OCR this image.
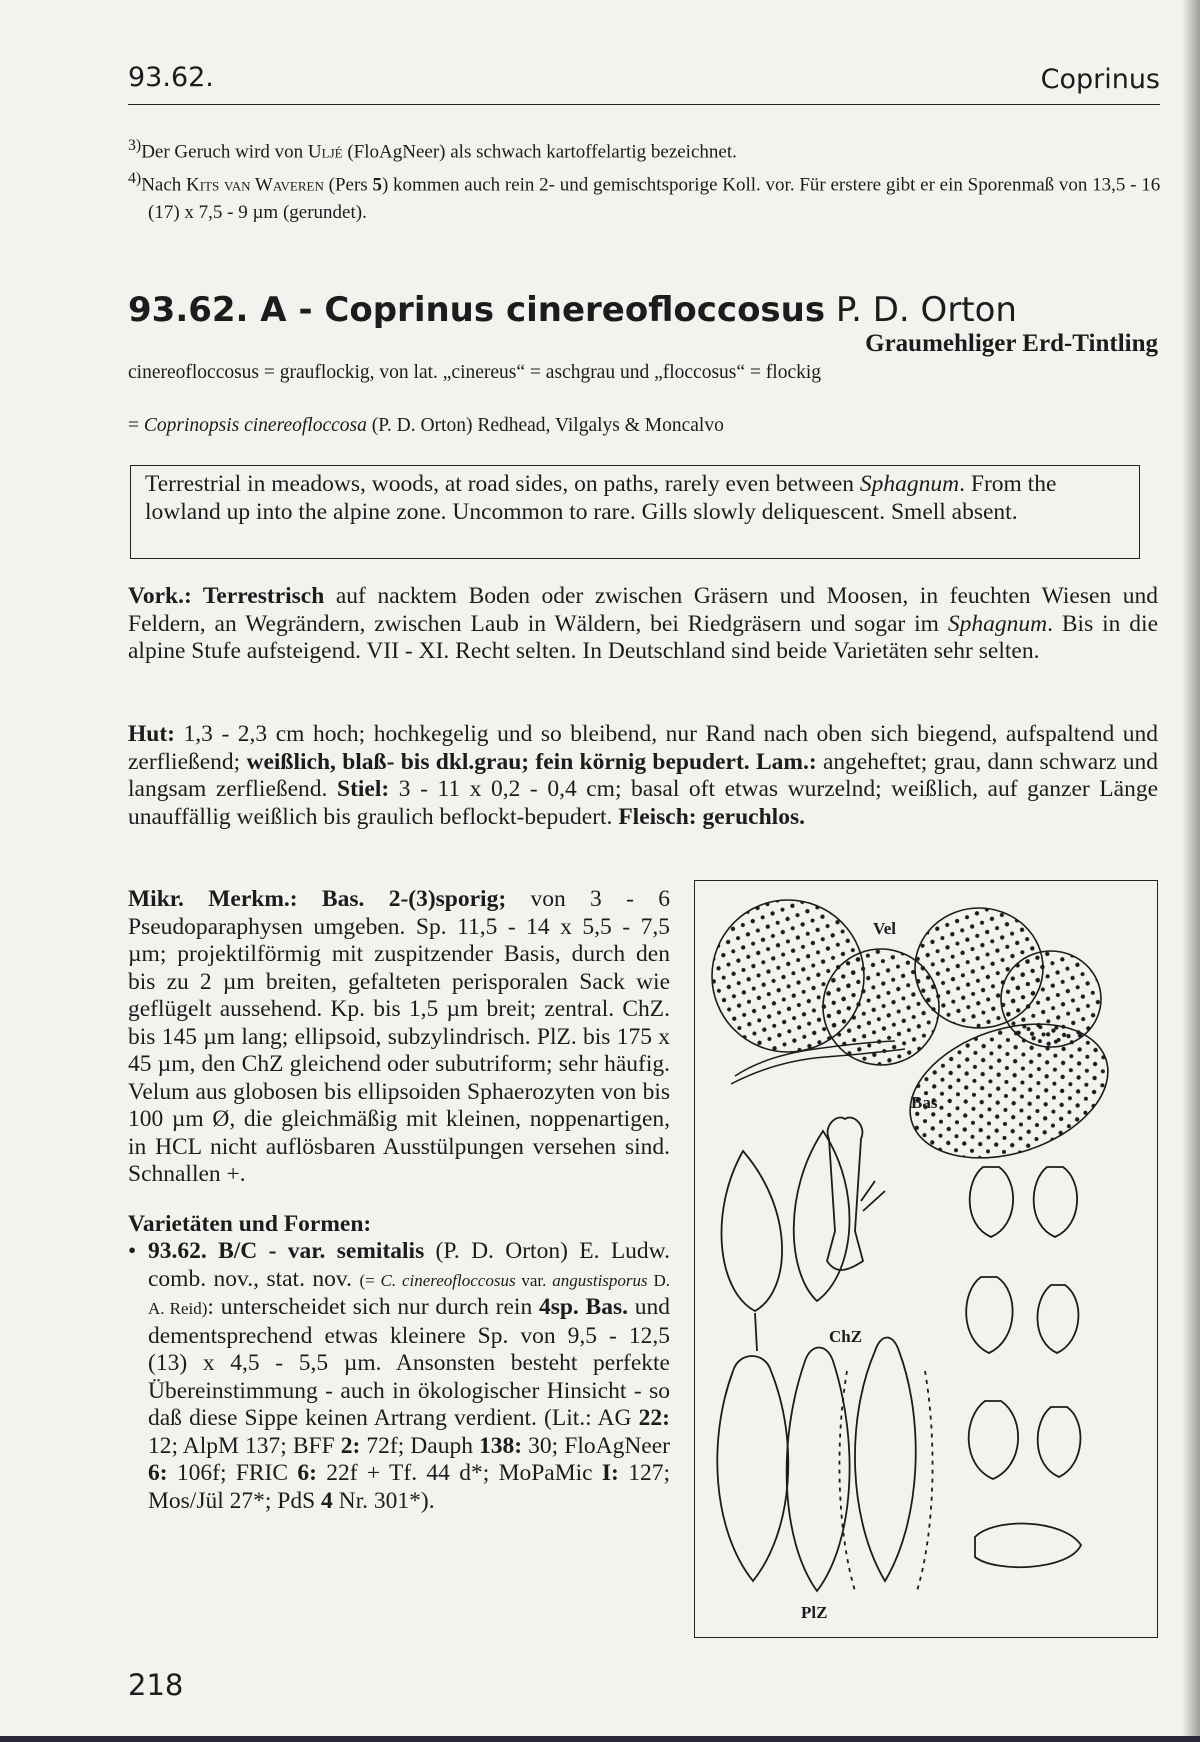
93.62.	Coprinus

$^{3)}$Der Geruch wird von Uljé (FloAgNeer) als schwach kartoffelartig bezeichnet.

$^{4)}$Nach Kits van Waveren (Pers 5) kommen auch rein 2- und gemischtsporige Koll. vor. Für erstere gibt er ein Sporenmaß von 13,5 - 16 (17) x 7,5 - 9 µm (gerundet).

93.62. A - Coprinus cinereofloccosus P. D. Orton
Graumehliger Erd-Tintling
cinereofloccosus = grauflockig, von lat. „cinereus“ = aschgrau und „floccosus“ = flockig
= Coprinopsis cinereofloccosa (P. D. Orton) Redhead, Vilgalys & Moncalvo
Terrestrial in meadows, woods, at road sides, on paths, rarely even between Sphagnum. From the lowland up into the alpine zone. Uncommon to rare. Gills slowly deliquescent. Smell absent.

Vork.: Terrestrisch auf nacktem Boden oder zwischen Gräsern und Moosen, in feuchten Wiesen und Feldern, an Wegrändern, zwischen Laub in Wäldern, bei Riedgräsern und sogar im Sphagnum. Bis in die alpine Stufe aufsteigend. VII - XI. Recht selten. In Deutschland sind beide Varietäten sehr selten.

Hut: 1,3 - 2,3 cm hoch; hochkegelig und so bleibend, nur Rand nach oben sich biegend, aufspaltend und zerfließend; weißlich, blaß- bis dkl.grau; fein körnig bepudert. Lam.: angeheftet; grau, dann schwarz und langsam zerfließend. Stiel: 3 - 11 x 0,2 - 0,4 cm; basal oft etwas wurzelnd; weißlich, auf ganzer Länge unauffällig weißlich bis graulich beflockt-bepudert. Fleisch: geruchlos.

Mikr. Merkm.: Bas. 2-(3)sporig; von 3 - 6 Pseudoparaphysen umgeben. Sp. 11,5 - 14 x 5,5 - 7,5 µm; projektilförmig mit zuspitzender Basis, durch den bis zu 2 µm breiten, gefalteten perisporalen Sack wie geflügelt aussehend. Kp. bis 1,5 µm breit; zentral. ChZ. bis 145 µm lang; ellipsoid, subzylindrisch. PlZ. bis 175 x 45 µm, den ChZ gleichend oder subutriform; sehr häufig. Velum aus globosen bis ellipsoiden Sphaerozyten von bis 100 µm Ø, die gleichmäßig mit kleinen, noppenartigen, in HCL nicht auflösbaren Ausstülpungen versehen sind. Schnallen +.

Varietäten und Formen:

• 93.62. B/C - var. semitalis (P. D. Orton) E. Ludw. comb. nov., stat. nov. (= C. cinereofloccosus var. angustisporus D. A. Reid): unterscheidet sich nur durch rein 4sp. Bas. und dementsprechend etwas kleinere Sp. von 9,5 - 12,5 (13) x 4,5 - 5,5 µm. Ansonsten besteht perfekte Übereinstimmung - auch in ökologischer Hinsicht - so daß diese Sippe keinen Artrang verdient. (Lit.: AG 22: 12; AlpM 137; BFF 2: 72f; Dauph 138: 30; FloAgNeer 6: 106f; FRIC 6: 22f + Tf. 44 d*; MoPaMic I: 127; Mos/Jül 27*; PdS 4 Nr. 301*).

Vel
Bas
ChZ
PlZ
218
